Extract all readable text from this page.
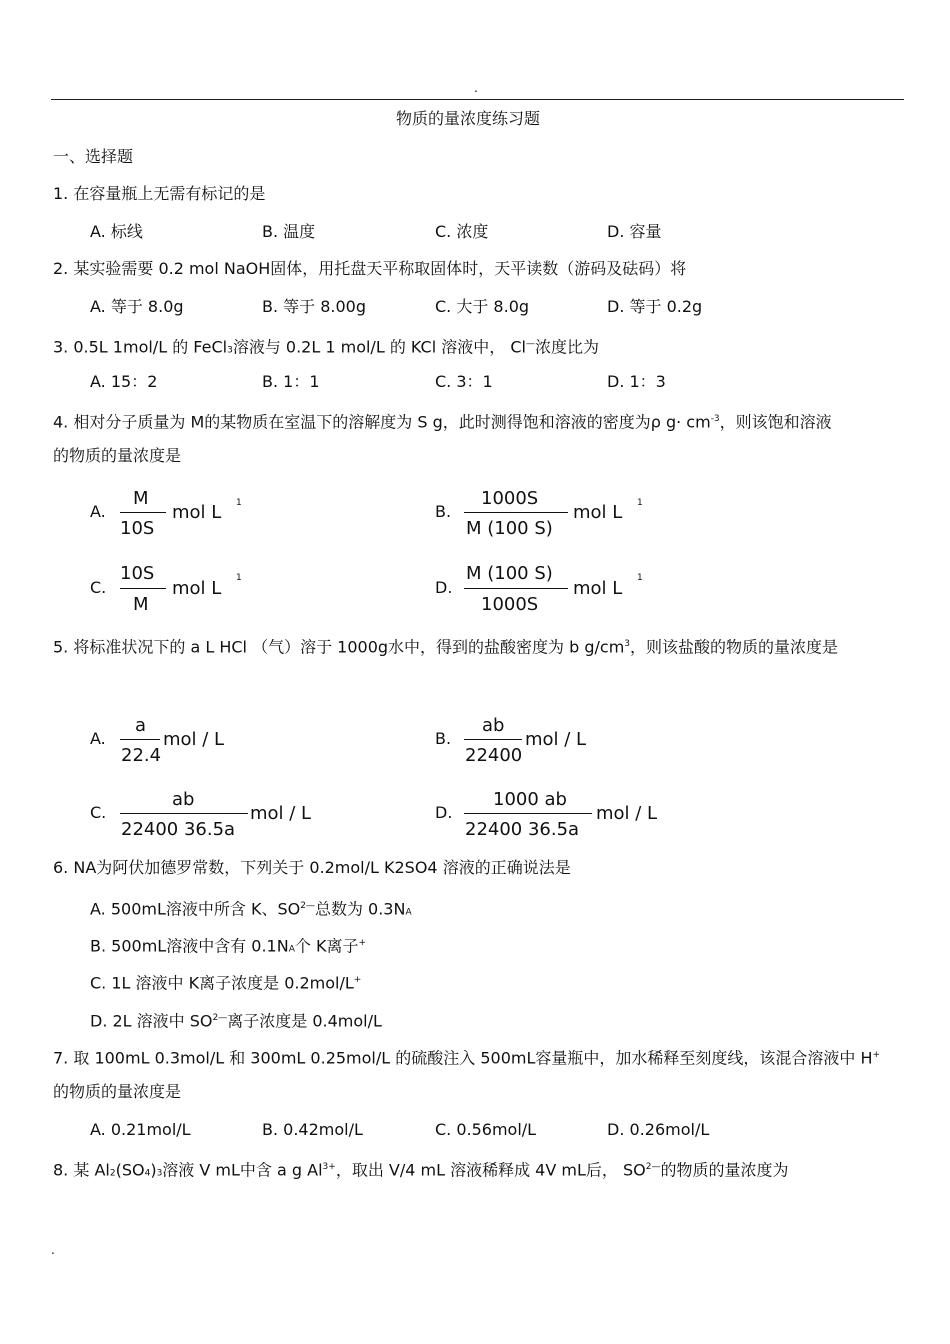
.
.
物质的量浓度练习题
一、选择题
1. 在容量瓶上无需有标记的是
A. 标线	B. 温度	C. 浓度	D. 容量
2. 某实验需要 0.2 mol NaOH固体，用托盘天平称取固体时，天平读数（游码及砝码）将
A. 等于 8.0g	B. 等于 8.00g	C. 大于 8.0g	D. 等于 0.2g
3. 0.5L 1mol/L 的 FeCl3溶液与 0.2L 1 mol/L 的 KCl 溶液中， Cl—浓度比为
A. 15：2	B. 1：1	C. 3：1	D. 1：3
4. 相对分子质量为 M的某物质在室温下的溶解度为 S g，此时测得饱和溶液的密度为ρ $g\cdot cm^{-3}$，则该饱和溶液
的物质的量浓度是
A.
M
10S
mol L 1	B.
1000S
M (100 S)
mol L 1
C.
10S
M
mol L 1	D.
M (100 S)
1000S
mol L 1
5. 将标准状况下的 a L HCl （气）溶于 1000g水中，得到的盐酸密度为 b $g/cm^3$，则该盐酸的物质的量浓度是
A.
a
22.4
mol / L	B.
ab
22400
mol / L
C.
ab
22400 36.5a
mol / L	D.
1000 ab
22400 36.5a
mol / L
6. NA为阿伏加德罗常数，下列关于 0.2mol/L K2SO4 溶液的正确说法是
A. 500mL溶液中所含 K、$SO^{2—}$总数为 0.3NA
B. 500mL溶液中含有 0.1NA个 K离子+
C. 1L 溶液中 K离子浓度是 0.2mol/L+
D. 2L 溶液中 $SO^{2—}$离子浓度是 0.4mol/L
7. 取 100mL 0.3mol/L 和 300mL 0.25mol/L 的硫酸注入 500mL容量瓶中，加水稀释至刻度线，该混合溶液中 H+
的物质的量浓度是
A. 0.21mol/L	B. 0.42mol/L	C. 0.56mol/L	D. 0.26mol/L
8. 某 Al2(SO4)3溶液 V mL中含 a g $Al^{3+}$，取出 V/4 mL 溶液稀释成 4V mL后， $SO^{2—}$的物质的量浓度为
